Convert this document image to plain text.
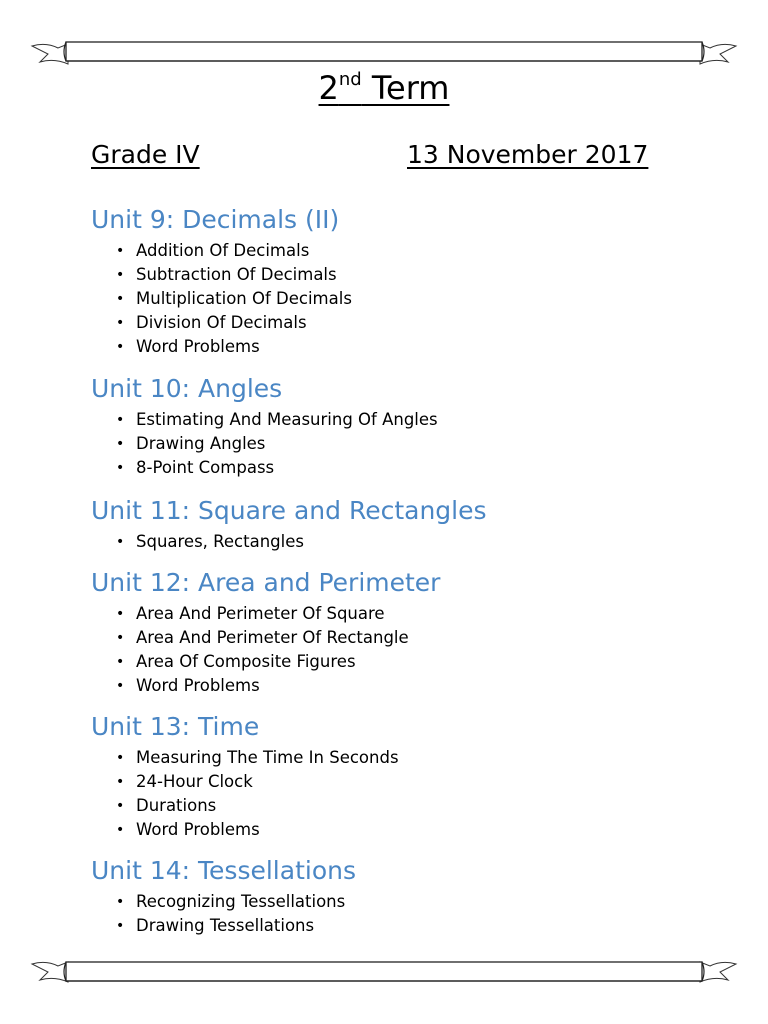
2nd Term
Grade IV	13 November 2017
Unit 9: Decimals (II)
• Addition Of Decimals
• Subtraction Of Decimals
• Multiplication Of Decimals
• Division Of Decimals
• Word Problems
Unit 10: Angles
• Estimating And Measuring Of Angles
• Drawing Angles
• 8-Point Compass
Unit 11: Square and Rectangles
• Squares, Rectangles
Unit 12: Area and Perimeter
• Area And Perimeter Of Square
• Area And Perimeter Of Rectangle
• Area Of Composite Figures
• Word Problems
Unit 13: Time
• Measuring The Time In Seconds
• 24-Hour Clock
• Durations
• Word Problems
Unit 14: Tessellations
• Recognizing Tessellations
• Drawing Tessellations
